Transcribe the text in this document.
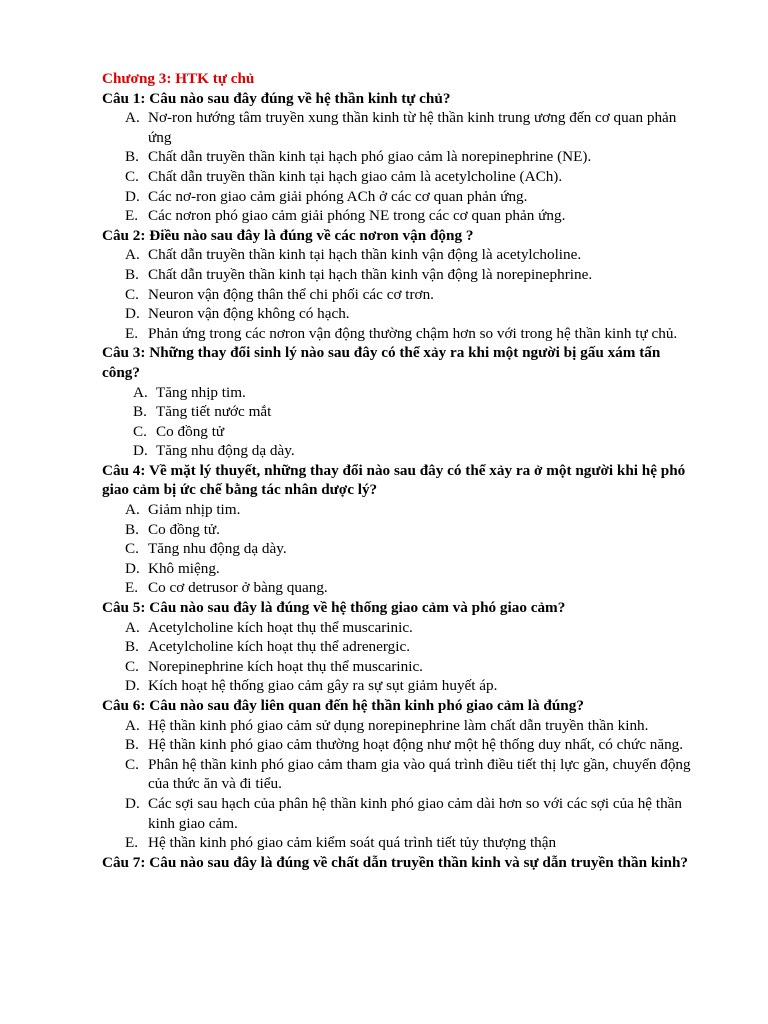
Chương 3: HTK tự chủ
Câu 1: Câu nào sau đây đúng về hệ thần kinh tự chủ?
A. Nơ-ron hướng tâm truyền xung thần kinh từ hệ thần kinh trung ương đến cơ quan phản ứng
B. Chất dẫn truyền thần kinh tại hạch phó giao cảm là norepinephrine (NE).
C. Chất dẫn truyền thần kinh tại hạch giao cảm là acetylcholine (ACh).
D. Các nơ-ron giao cảm giải phóng ACh ở các cơ quan phản ứng.
E. Các nơron phó giao cảm giải phóng NE trong các cơ quan phản ứng.
Câu 2: Điều nào sau đây là đúng về các nơron vận động ?
A. Chất dẫn truyền thần kinh tại hạch thần kinh vận động là acetylcholine.
B. Chất dẫn truyền thần kinh tại hạch thần kinh vận động là norepinephrine.
C. Neuron vận động thân thể chi phối các cơ trơn.
D. Neuron vận động không có hạch.
E. Phản ứng trong các nơron vận động thường chậm hơn so với trong hệ thần kinh tự chủ.
Câu 3: Những thay đổi sinh lý nào sau đây có thể xảy ra khi một người bị gấu xám tấn công?
A. Tăng nhịp tim.
B. Tăng tiết nước mắt
C. Co đồng tử
D. Tăng nhu động dạ dày.
Câu 4: Về mặt lý thuyết, những thay đổi nào sau đây có thể xảy ra ở một người khi hệ phó giao cảm bị ức chế bằng tác nhân dược lý?
A. Giảm nhịp tim.
B. Co đồng tử.
C. Tăng nhu động dạ dày.
D. Khô miệng.
E. Co cơ detrusor ở bàng quang.
Câu 5: Câu nào sau đây là đúng về hệ thống giao cảm và phó giao cảm?
A. Acetylcholine kích hoạt thụ thể muscarinic.
B. Acetylcholine kích hoạt thụ thể adrenergic.
C. Norepinephrine kích hoạt thụ thể muscarinic.
D. Kích hoạt hệ thống giao cảm gây ra sự sụt giảm huyết áp.
Câu 6: Câu nào sau đây liên quan đến hệ thần kinh phó giao cảm là đúng?
A. Hệ thần kinh phó giao cảm sử dụng norepinephrine làm chất dẫn truyền thần kinh.
B. Hệ thần kinh phó giao cảm thường hoạt động như một hệ thống duy nhất, có chức năng.
C. Phân hệ thần kinh phó giao cảm tham gia vào quá trình điều tiết thị lực gần, chuyển động của thức ăn và đi tiểu.
D. Các sợi sau hạch của phân hệ thần kinh phó giao cảm dài hơn so với các sợi của hệ thần kinh giao cảm.
E. Hệ thần kinh phó giao cảm kiểm soát quá trình tiết tủy thượng thận
Câu 7: Câu nào sau đây là đúng về chất dẫn truyền thần kinh và sự dẫn truyền thần kinh?
